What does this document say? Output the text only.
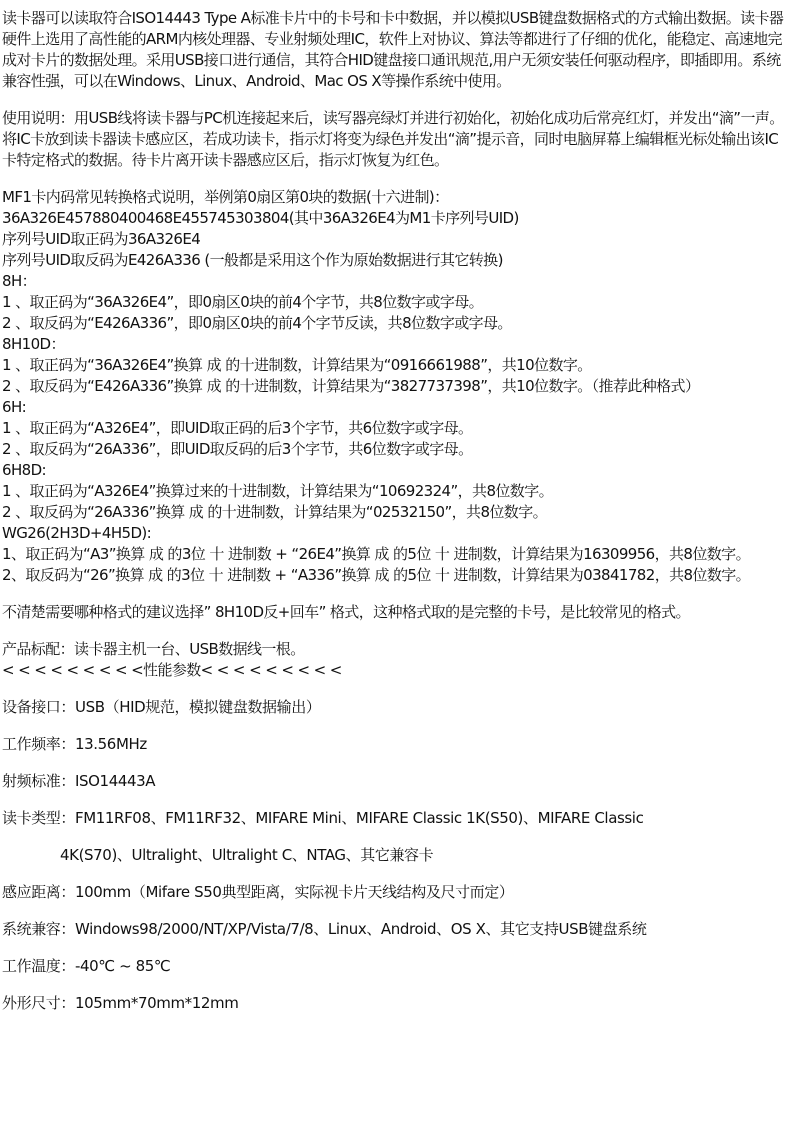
读卡器可以读取符合ISO14443 Type A标准卡片中的卡号和卡中数据，并以模拟USB键盘数据格式的方式输出数据。读卡器硬件上选用了高性能的ARM内核处理器、专业射频处理IC，软件上对协议、算法等都进行了仔细的优化，能稳定、高速地完成对卡片的数据处理。采用USB接口进行通信，其符合HID键盘接口通讯规范,用户无须安装任何驱动程序，即插即用。系统兼容性强，可以在Windows、Linux、Android、Mac OS X等操作系统中使用。

使用说明：用USB线将读卡器与PC机连接起来后，读写器亮绿灯并进行初始化，初始化成功后常亮红灯，并发出“滴”一声。将IC卡放到读卡器读卡感应区，若成功读卡，指示灯将变为绿色并发出“滴”提示音，同时电脑屏幕上编辑框光标处输出该IC卡特定格式的数据。待卡片离开读卡器感应区后，指示灯恢复为红色。

MF1卡内码常见转换格式说明，举例第0扇区第0块的数据(十六进制)：

36A326E457880400468E455745303804(其中36A326E4为M1卡序列号UID)

序列号UID取正码为36A326E4

序列号UID取反码为E426A336 (一般都是采用这个作为原始数据进行其它转换)

8H：

1 、取正码为“36A326E4”，即0扇区0块的前4个字节，共8位数字或字母。

2 、取反码为“E426A336”，即0扇区0块的前4个字节反读，共8位数字或字母。

8H10D：

1 、取正码为“36A326E4”换算 成 的十进制数，计算结果为“0916661988”，共10位数字。

2 、取反码为“E426A336”换算 成 的十进制数，计算结果为“3827737398”，共10位数字。（推荐此种格式）

6H:

1 、取正码为“A326E4”，即UID取正码的后3个字节，共6位数字或字母。

2 、取反码为“26A336”，即UID取反码的后3个字节，共6位数字或字母。

6H8D:

1 、取正码为“A326E4”换算过来的十进制数，计算结果为“10692324”，共8位数字。

2 、取反码为“26A336”换算 成 的十进制数，计算结果为“02532150”，共8位数字。

WG26(2H3D+4H5D):

1、取正码为“A3”换算 成 的3位 十 进制数 + “26E4”换算 成 的5位 十 进制数，计算结果为16309956，共8位数字。

2、取反码为“26”换算 成 的3位 十 进制数 + “A336”换算 成 的5位 十 进制数，计算结果为03841782，共8位数字。

不清楚需要哪种格式的建议选择” 8H10D反+回车” 格式，这种格式取的是完整的卡号，是比较常见的格式。

产品标配：读卡器主机一台、USB数据线一根。

< < < < < < < < <性能参数< < < < < < < < <

设备接口：USB（HID规范，模拟键盘数据输出）

工作频率：13.56MHz

射频标准：ISO14443A

读卡类型：FM11RF08、FM11RF32、MIFARE Mini、MIFARE Classic 1K(S50)、MIFARE Classic

4K(S70)、Ultralight、Ultralight C、NTAG、其它兼容卡

感应距离：100mm（Mifare S50典型距离，实际视卡片天线结构及尺寸而定）

系统兼容：Windows98/2000/NT/XP/Vista/7/8、Linux、Android、OS X、其它支持USB键盘系统

工作温度：-40℃ ~ 85℃

外形尺寸：105mm*70mm*12mm
